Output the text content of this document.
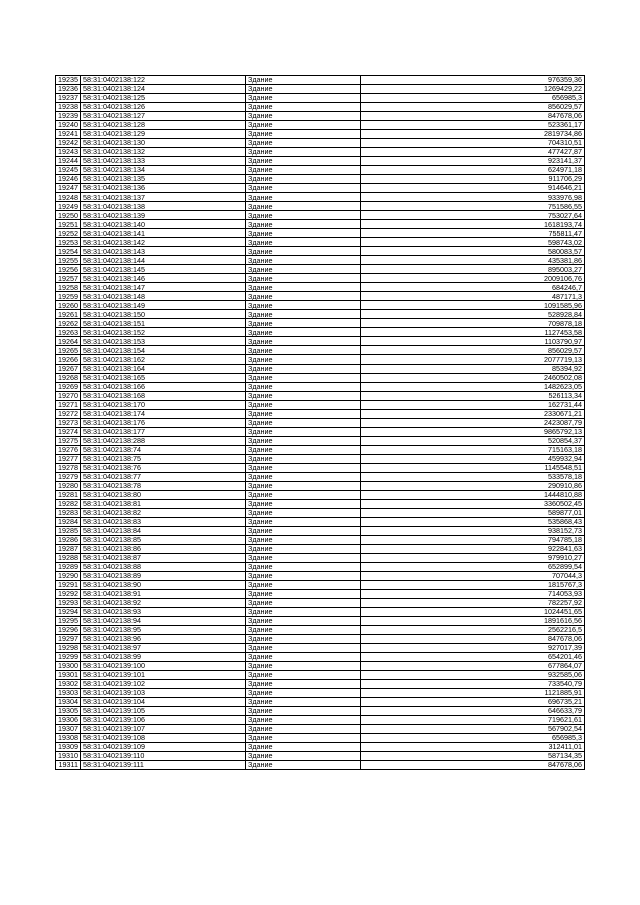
19235	58:31:0402138:122	Здание	976359,36
19236	58:31:0402138:124	Здание	1269429,22
19237	58:31:0402138:125	Здание	656985,3
19238	58:31:0402138:126	Здание	856029,57
19239	58:31:0402138:127	Здание	847678,06
19240	58:31:0402138:128	Здание	523361,17
19241	58:31:0402138:129	Здание	2819734,86
19242	58:31:0402138:130	Здание	704310,51
19243	58:31:0402138:132	Здание	477427,87
19244	58:31:0402138:133	Здание	923141,37
19245	58:31:0402138:134	Здание	624971,18
19246	58:31:0402138:135	Здание	911706,29
19247	58:31:0402138:136	Здание	914646,21
19248	58:31:0402138:137	Здание	933976,98
19249	58:31:0402138:138	Здание	751586,55
19250	58:31:0402138:139	Здание	753027,64
19251	58:31:0402138:140	Здание	1618193,74
19252	58:31:0402138:141	Здание	755811,47
19253	58:31:0402138:142	Здание	598743,02
19254	58:31:0402138:143	Здание	580083,57
19255	58:31:0402138:144	Здание	435381,86
19256	58:31:0402138:145	Здание	895003,27
19257	58:31:0402138:146	Здание	2009106,76
19258	58:31:0402138:147	Здание	684246,7
19259	58:31:0402138:148	Здание	487171,3
19260	58:31:0402138:149	Здание	1091585,96
19261	58:31:0402138:150	Здание	528928,84
19262	58:31:0402138:151	Здание	709878,18
19263	58:31:0402138:152	Здание	1127453,58
19264	58:31:0402138:153	Здание	1103790,97
19265	58:31:0402138:154	Здание	856029,57
19266	58:31:0402138:162	Здание	2077719,13
19267	58:31:0402138:164	Здание	85394,92
19268	58:31:0402138:165	Здание	2460502,08
19269	58:31:0402138:166	Здание	1482623,05
19270	58:31:0402138:168	Здание	526113,34
19271	58:31:0402138:170	Здание	162731,44
19272	58:31:0402138:174	Здание	2330671,21
19273	58:31:0402138:176	Здание	2423087,79
19274	58:31:0402138:177	Здание	9865792,13
19275	58:31:0402138:288	Здание	520854,37
19276	58:31:0402138:74	Здание	715163,18
19277	58:31:0402138:75	Здание	459932,94
19278	58:31:0402138:76	Здание	1145548,51
19279	58:31:0402138:77	Здание	533578,18
19280	58:31:0402138:78	Здание	290910,86
19281	58:31:0402138:80	Здание	1444810,88
19282	58:31:0402138:81	Здание	3360502,45
19283	58:31:0402138:82	Здание	589877,01
19284	58:31:0402138:83	Здание	535868,43
19285	58:31:0402138:84	Здание	938152,73
19286	58:31:0402138:85	Здание	794785,18
19287	58:31:0402138:86	Здание	922841,63
19288	58:31:0402138:87	Здание	979910,27
19289	58:31:0402138:88	Здание	652899,54
19290	58:31:0402138:89	Здание	707044,3
19291	58:31:0402138:90	Здание	1815767,3
19292	58:31:0402138:91	Здание	714053,93
19293	58:31:0402138:92	Здание	782257,92
19294	58:31:0402138:93	Здание	1024451,65
19295	58:31:0402138:94	Здание	1891616,56
19296	58:31:0402138:95	Здание	2562216,5
19297	58:31:0402138:96	Здание	847678,06
19298	58:31:0402138:97	Здание	927017,39
19299	58:31:0402138:99	Здание	654201,46
19300	58:31:0402139:100	Здание	677864,07
19301	58:31:0402139:101	Здание	932585,06
19302	58:31:0402139:102	Здание	733540,79
19303	58:31:0402139:103	Здание	1121885,91
19304	58:31:0402139:104	Здание	696735,21
19305	58:31:0402139:105	Здание	646633,79
19306	58:31:0402139:106	Здание	719621,61
19307	58:31:0402139:107	Здание	567902,54
19308	58:31:0402139:108	Здание	656985,3
19309	58:31:0402139:109	Здание	312411,01
19310	58:31:0402139:110	Здание	587134,35
19311	58:31:0402139:111	Здание	847678,06
